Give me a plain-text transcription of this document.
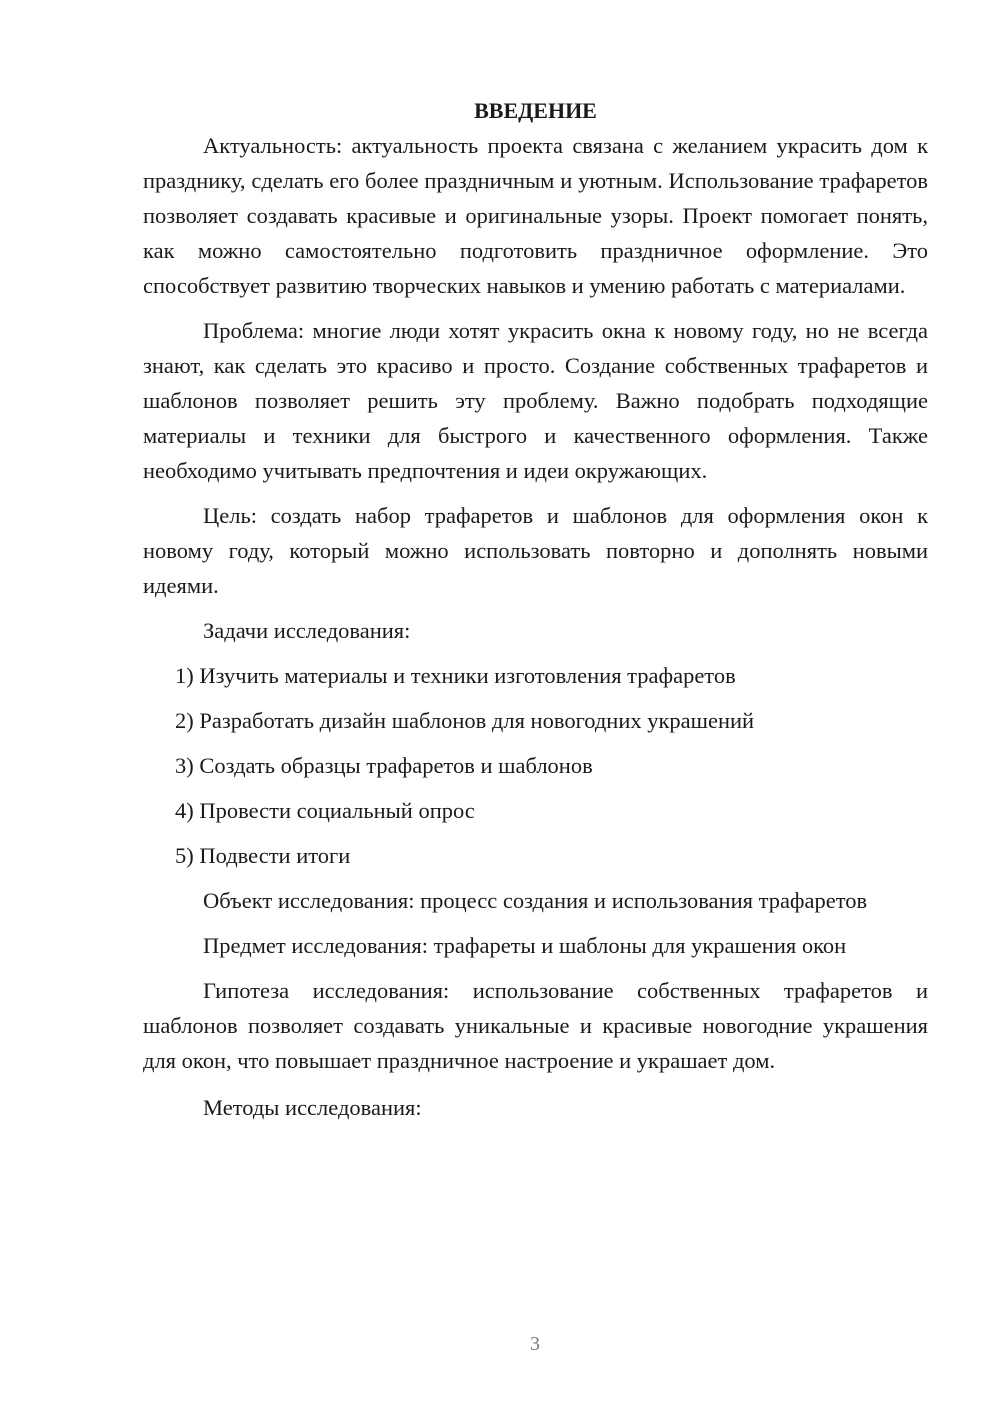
ВВЕДЕНИЕ

Актуальность: актуальность проекта связана с желанием украсить дом к празднику, сделать его более праздничным и уютным. Использование трафаретов позволяет создавать красивые и оригинальные узоры. Проект помогает понять, как можно самостоятельно подготовить праздничное оформление. Это способствует развитию творческих навыков и умению работать с материалами.

Проблема: многие люди хотят украсить окна к новому году, но не всегда знают, как сделать это красиво и просто. Создание собственных трафаретов и шаблонов позволяет решить эту проблему. Важно подобрать подходящие материалы и техники для быстрого и качественного оформления. Также необходимо учитывать предпочтения и идеи окружающих.

Цель: создать набор трафаретов и шаблонов для оформления окон к новому году, который можно использовать повторно и дополнять новыми идеями.

Задачи исследования:

1) Изучить материалы и техники изготовления трафаретов
2) Разработать дизайн шаблонов для новогодних украшений
3) Создать образцы трафаретов и шаблонов
4) Провести социальный опрос
5) Подвести итоги

Объект исследования: процесс создания и использования трафаретов

Предмет исследования: трафареты и шаблоны для украшения окон

Гипотеза исследования: использование собственных трафаретов и шаблонов позволяет создавать уникальные и красивые новогодние украшения для окон, что повышает праздничное настроение и украшает дом.

Методы исследования:

3
